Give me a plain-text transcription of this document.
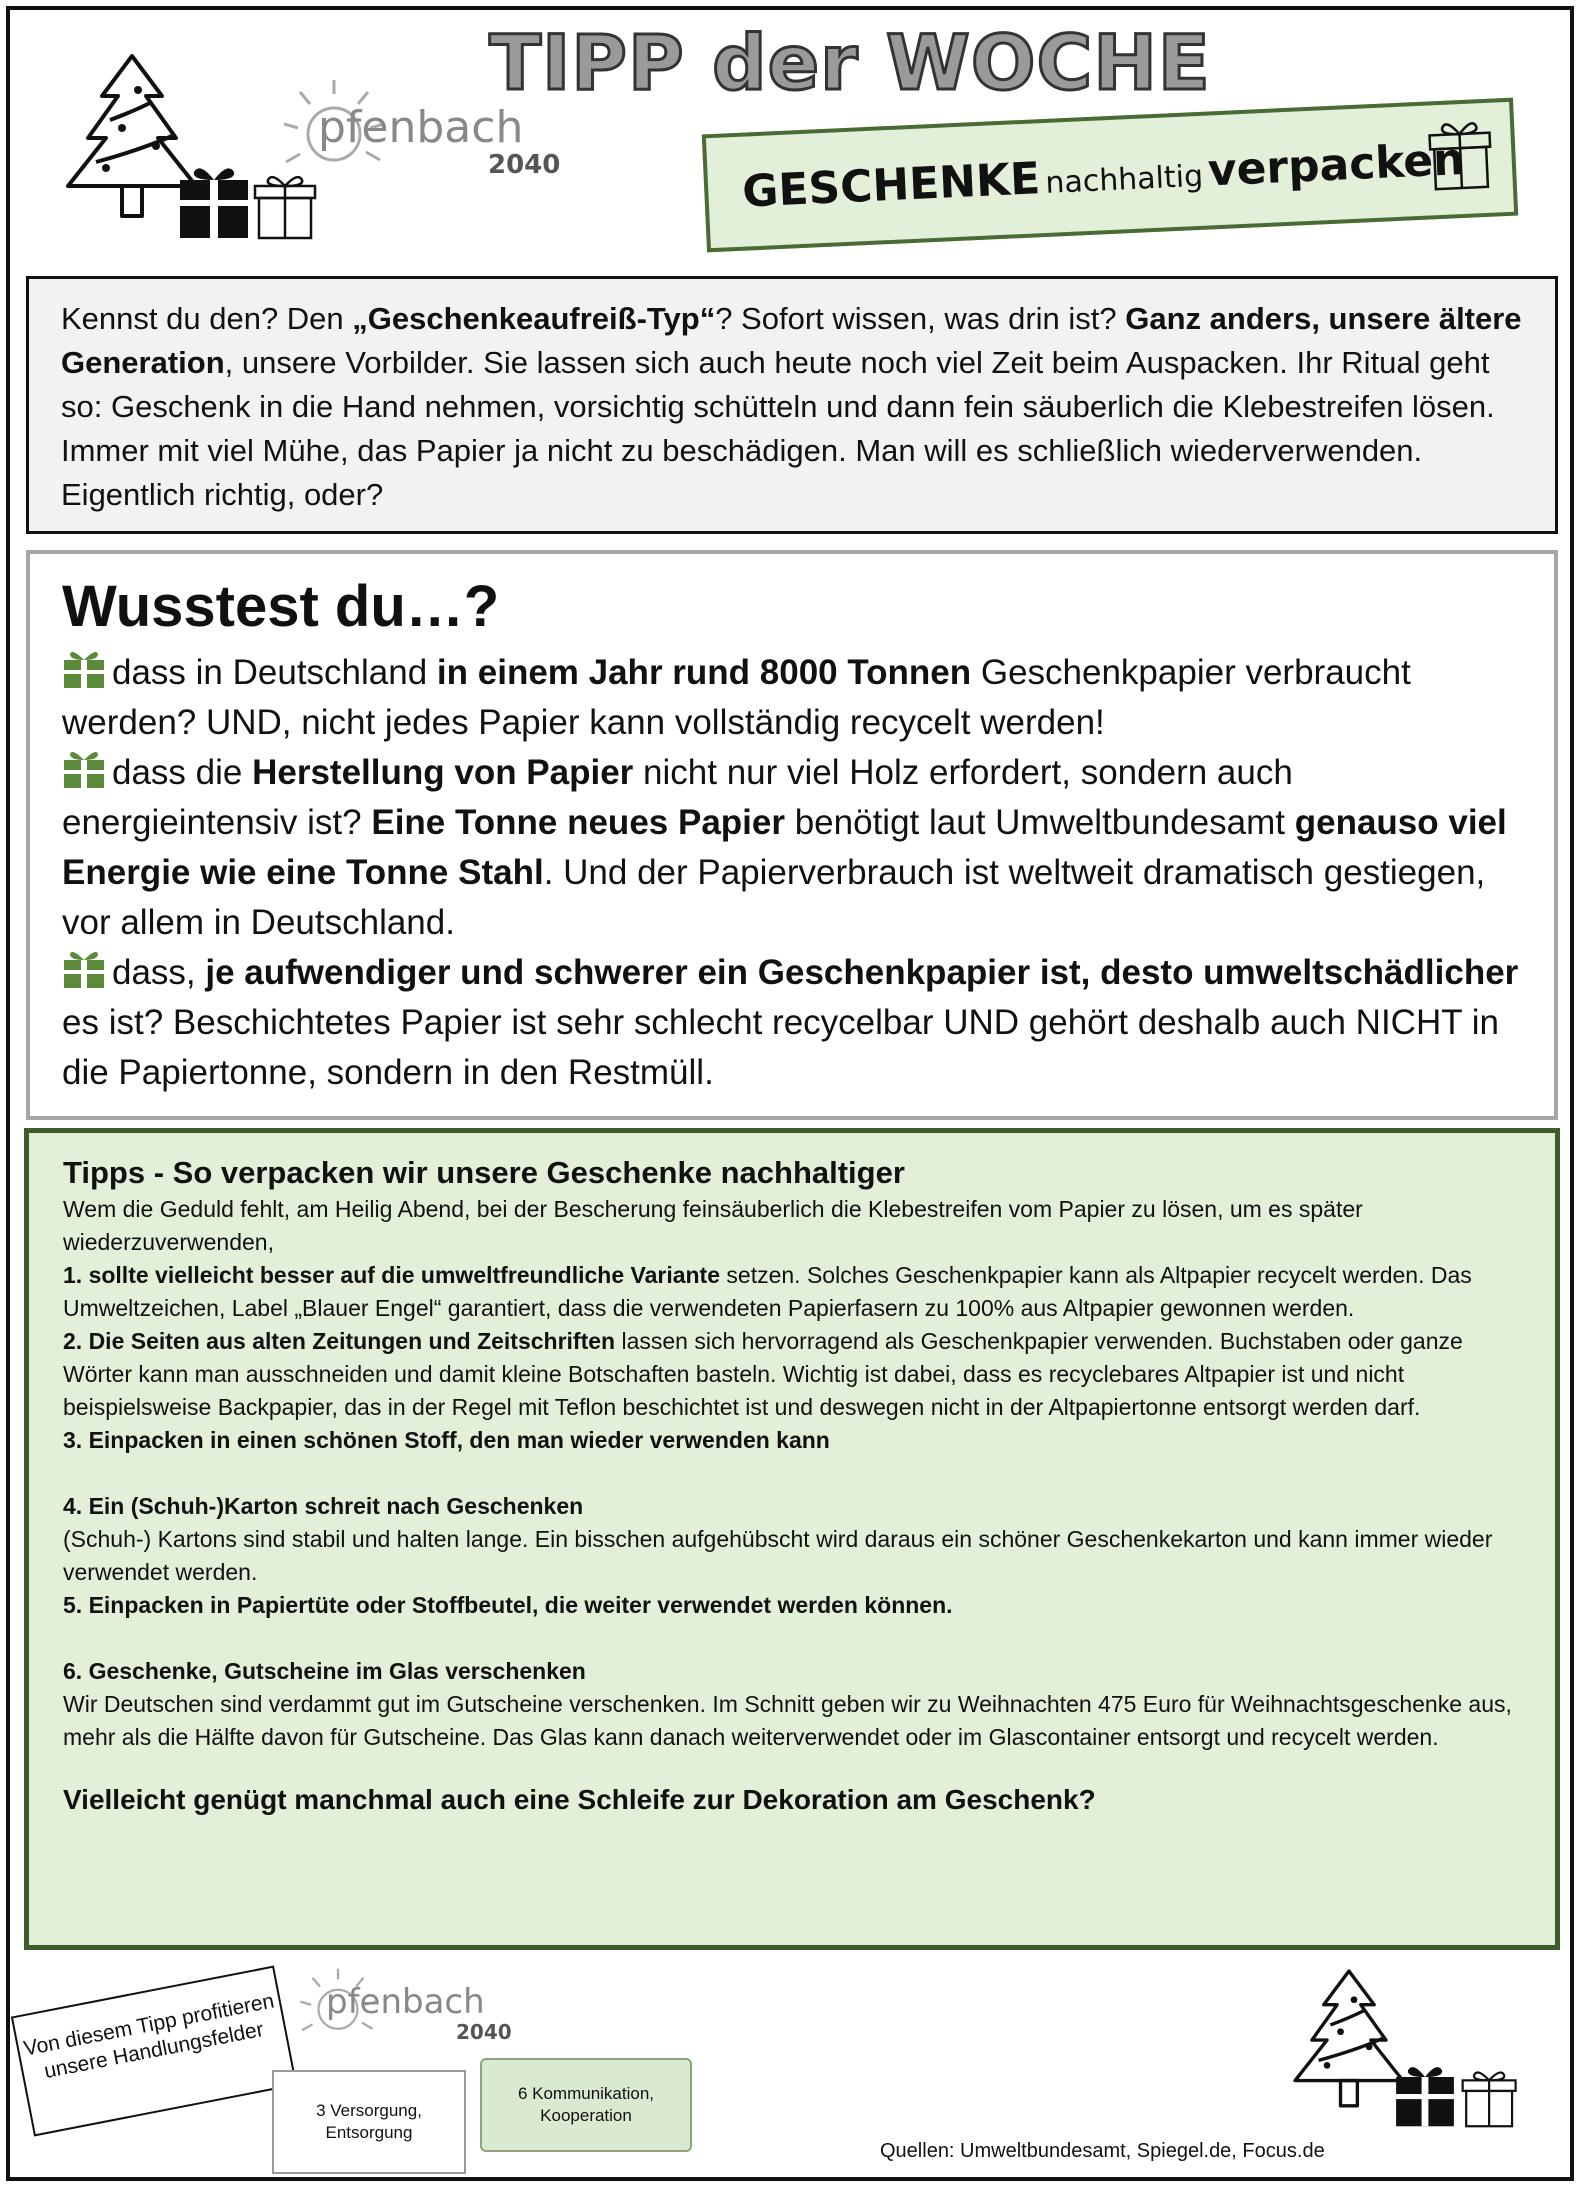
TIPP der WOCHE
pfenbach
2040	GESCHENKE nachhaltig verpacken
Kennst du den? Den „Geschenkeaufreiß-Typ“? Sofort wissen, was drin ist? Ganz anders, unsere ältere Generation, unsere Vorbilder. Sie lassen sich auch heute noch viel Zeit beim Auspacken. Ihr Ritual geht so: Geschenk in die Hand nehmen, vorsichtig schütteln und dann fein säuberlich die Klebestreifen lösen. Immer mit viel Mühe, das Papier ja nicht zu beschädigen. Man will es schließlich wiederverwenden. Eigentlich richtig, oder?
Wusstest du…?

dass in Deutschland in einem Jahr rund 8000 Tonnen Geschenkpapier verbraucht werden? UND, nicht jedes Papier kann vollständig recycelt werden!

dass die Herstellung von Papier nicht nur viel Holz erfordert, sondern auch energieintensiv ist? Eine Tonne neues Papier benötigt laut Umweltbundesamt genauso viel Energie wie eine Tonne Stahl. Und der Papierverbrauch ist weltweit dramatisch gestiegen, vor allem in Deutschland.

dass, je aufwendiger und schwerer ein Geschenkpapier ist, desto umweltschädlicher es ist? Beschichtetes Papier ist sehr schlecht recycelbar UND gehört deshalb auch NICHT in die Papiertonne, sondern in den Restmüll.

Tipps - So verpacken wir unsere Geschenke nachhaltiger

Wem die Geduld fehlt, am Heilig Abend, bei der Bescherung feinsäuberlich die Klebestreifen vom Papier zu lösen, um es später wiederzuverwenden,

1. sollte vielleicht besser auf die umweltfreundliche Variante setzen. Solches Geschenkpapier kann als Altpapier recycelt werden. Das Umweltzeichen, Label „Blauer Engel“ garantiert, dass die verwendeten Papierfasern zu 100% aus Altpapier gewonnen werden.

2. Die Seiten aus alten Zeitungen und Zeitschriften lassen sich hervorragend als Geschenkpapier verwenden. Buchstaben oder ganze Wörter kann man ausschneiden und damit kleine Botschaften basteln. Wichtig ist dabei, dass es recyclebares Altpapier ist und nicht beispielsweise Backpapier, das in der Regel mit Teflon beschichtet ist und deswegen nicht in der Altpapiertonne entsorgt werden darf.

3. Einpacken in einen schönen Stoff, den man wieder verwenden kann

4. Ein (Schuh-)Karton schreit nach Geschenken

(Schuh-) Kartons sind stabil und halten lange. Ein bisschen aufgehübscht wird daraus ein schöner Geschenkekarton und kann immer wieder verwendet werden.

5. Einpacken in Papiertüte oder Stoffbeutel, die weiter verwendet werden können.

6. Geschenke, Gutscheine im Glas verschenken

Wir Deutschen sind verdammt gut im Gutscheine verschenken. Im Schnitt geben wir zu Weihnachten 475 Euro für Weihnachtsgeschenke aus, mehr als die Hälfte davon für Gutscheine. Das Glas kann danach weiterverwendet oder im Glascontainer entsorgt und recycelt werden.

Vielleicht genügt manchmal auch eine Schleife zur Dekoration am Geschenk?

Von diesem Tipp profitieren unsere Handlungsfelder
pfenbach
2040
3 Versorgung, Entsorgung
6 Kommunikation, Kooperation
Quellen: Umweltbundesamt, Spiegel.de, Focus.de
